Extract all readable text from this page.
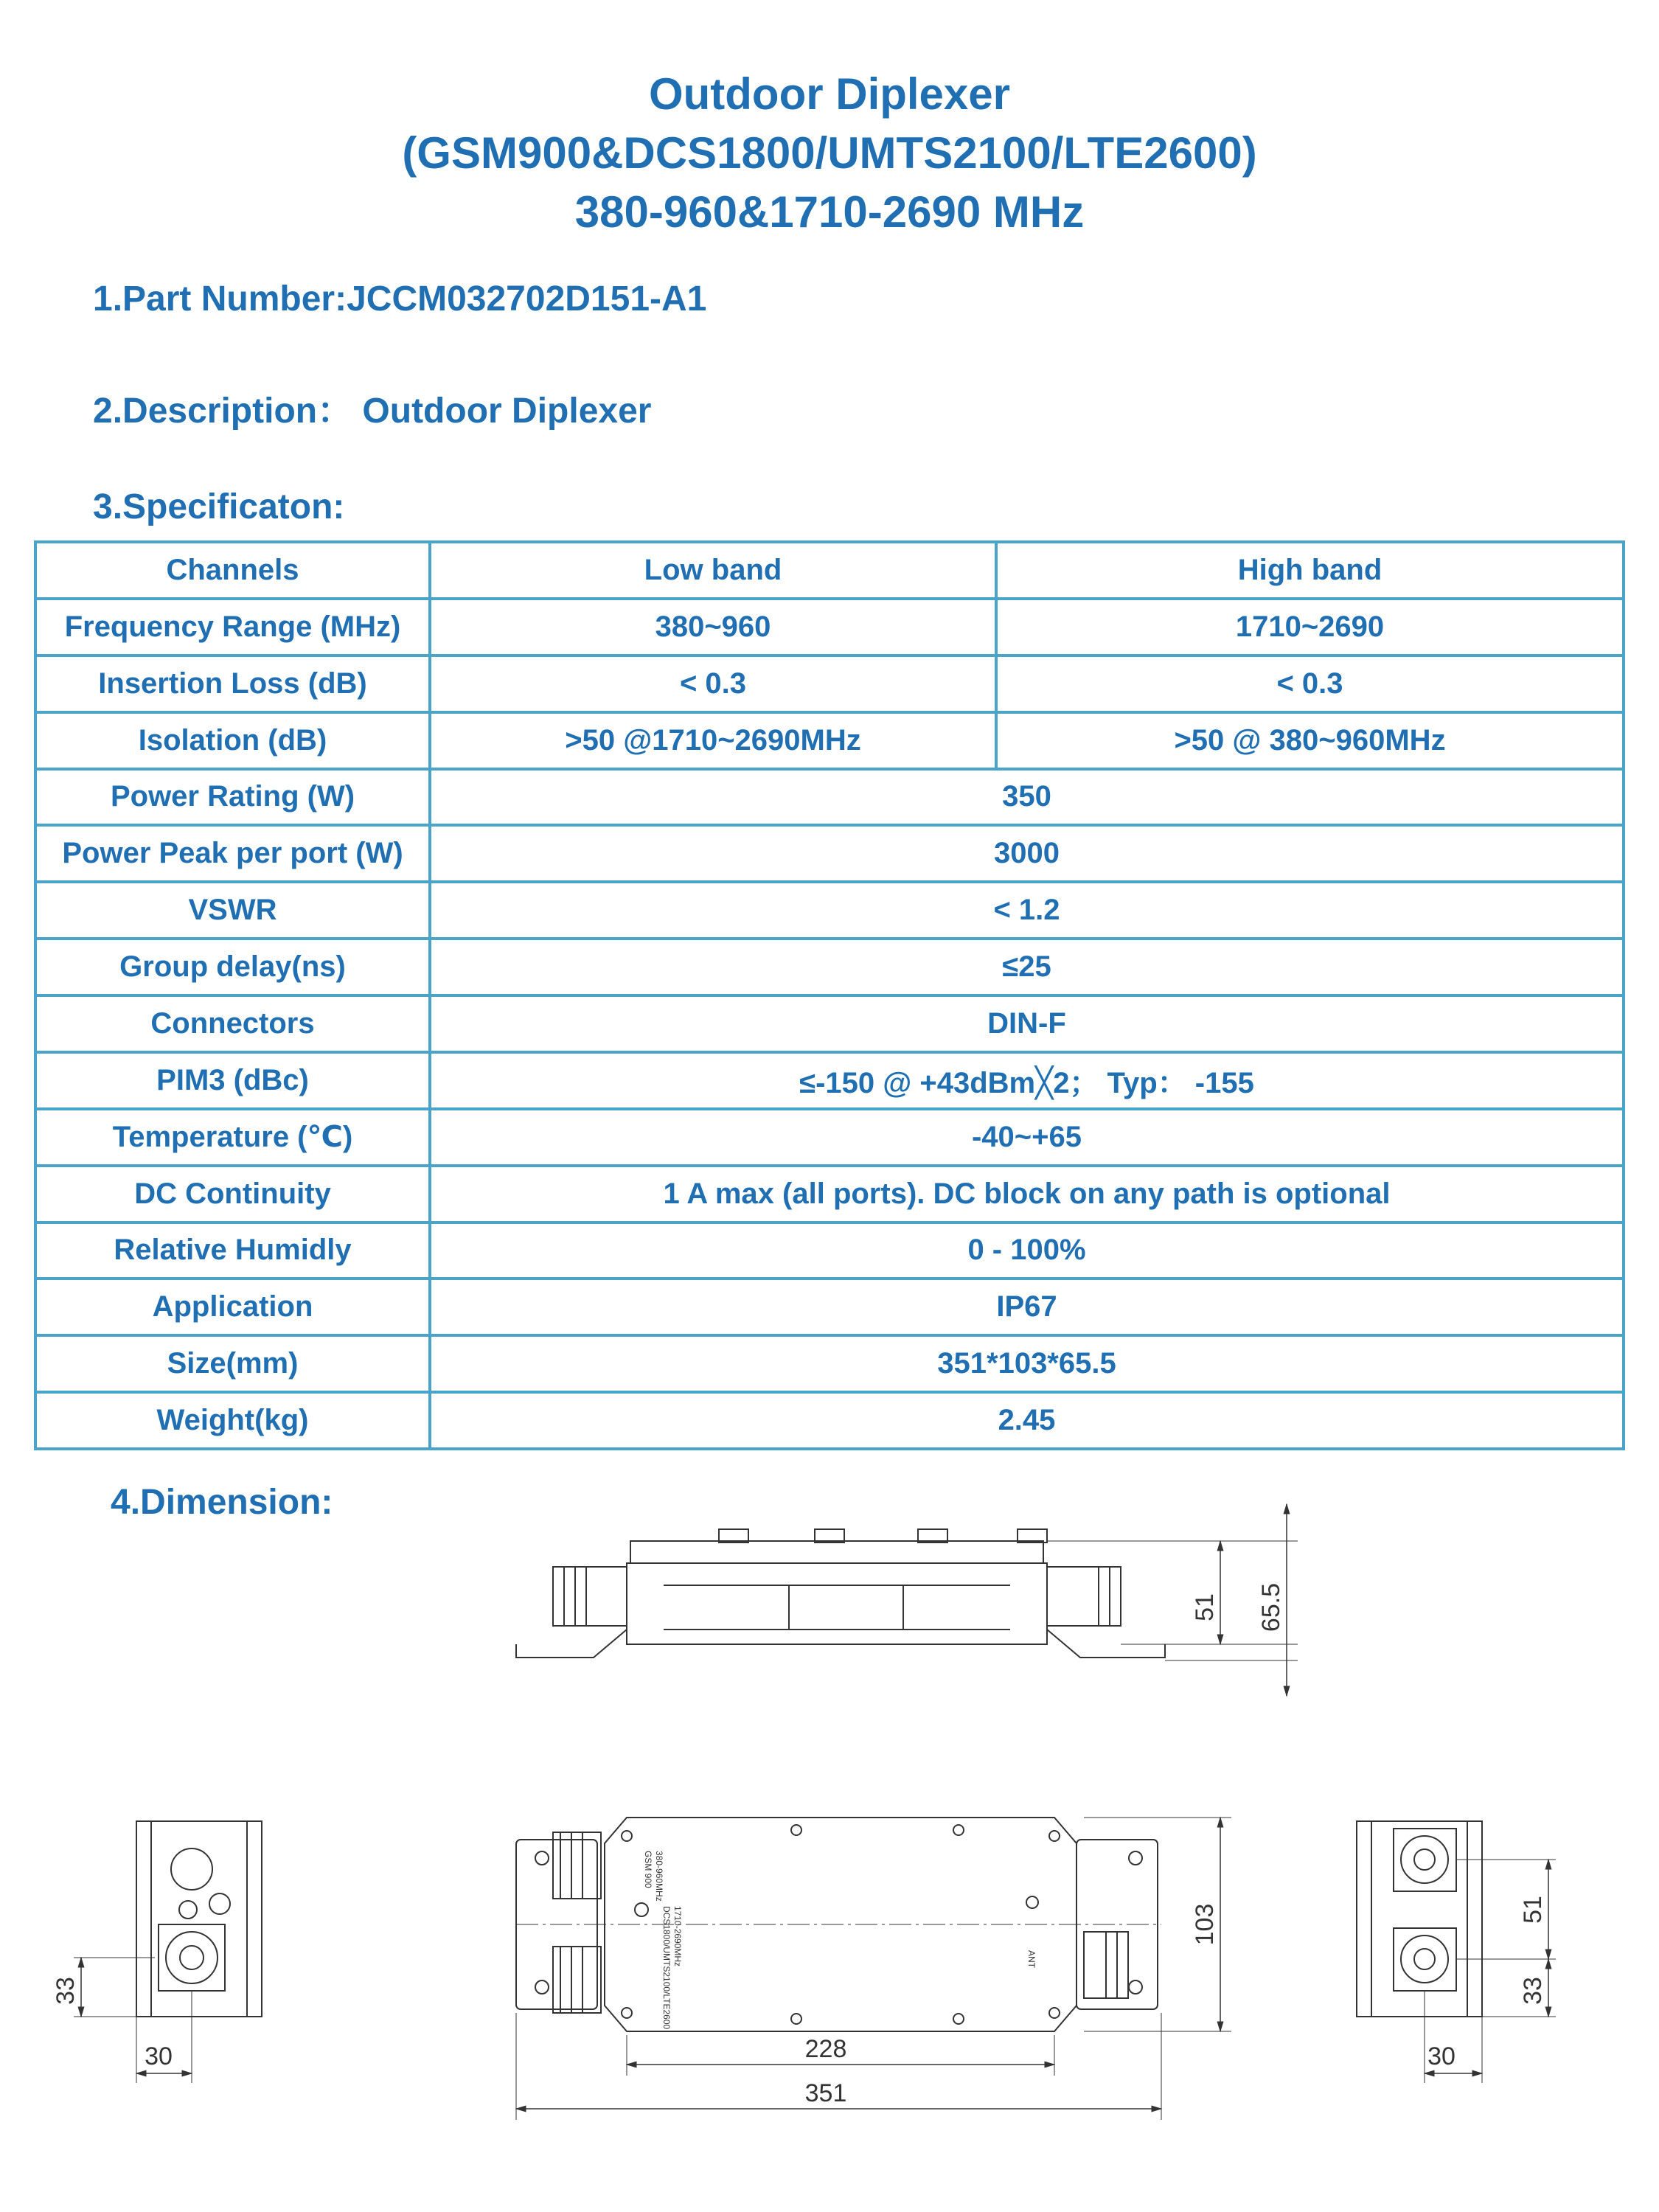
Outdoor Diplexer
(GSM900&DCS1800/UMTS2100/LTE2600)
380-960&1710-2690 MHz
1.Part Number:JCCM032702D151-A1
2.Description： Outdoor Diplexer
3.Specificaton:
Channels	Low band	High band
Frequency Range (MHz)	380~960	1710~2690
Insertion Loss (dB)	< 0.3	< 0.3
Isolation (dB)	>50 @1710~2690MHz	>50 @ 380~960MHz
Power Rating (W)	350	
Power Peak per port (W)	3000	
VSWR	< 1.2	
Group delay(ns)	≤25	
Connectors	DIN-F	
PIM3 (dBc)	≤-150 @ +43dBm╳2； Typ： -155	
Temperature (℃)	-40~+65	
DC Continuity	1 A max (all ports). DC block on any path is optional	
Relative Humidly	0 - 100%	
Application	IP67	
Size(mm)	351*103*65.5	
Weight(kg)	2.45	
4.Dimension:
51 65.5
33
30
GSM 900 380-960MHz
DCS1800/UMTS2100/LTE2600 1710-2690MHz	ANT
228
351
103	51
33
30
